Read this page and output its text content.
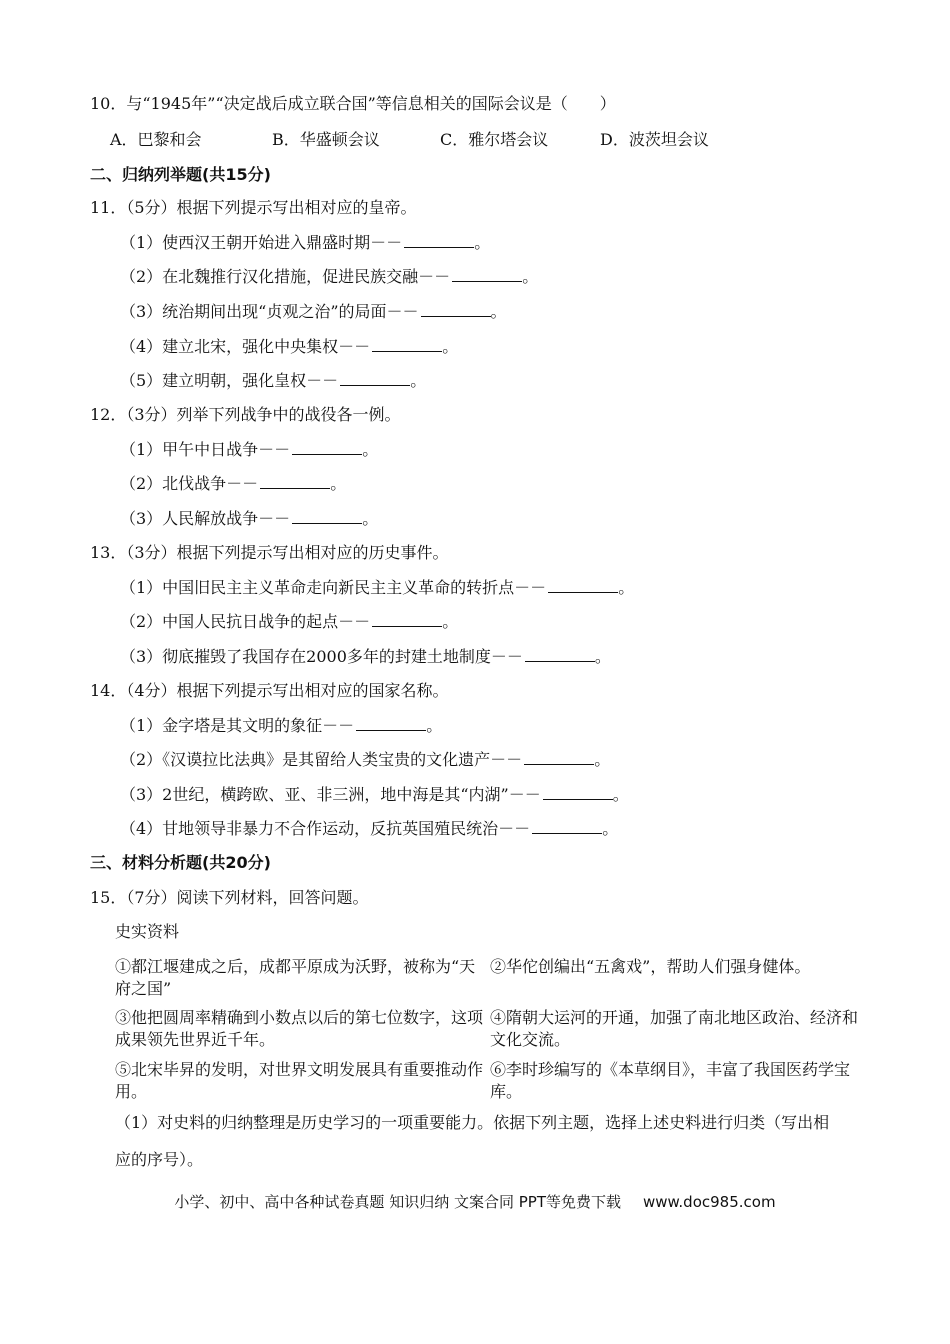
10．与“1945年”“决定战后成立联合国”等信息相关的国际会议是（　　）
A．巴黎和会	B．华盛顿会议	C．雅尔塔会议	D．波茨坦会议
二、归纳列举题(共15分)
11．（5分）根据下列提示写出相对应的皇帝。
（1）使西汉王朝开始进入鼎盛时期－－	。
（2）在北魏推行汉化措施，促进民族交融－－	。
（3）统治期间出现“贞观之治”的局面－－	。
（4）建立北宋，强化中央集权－－	。
（5）建立明朝，强化皇权－－	。
12．（3分）列举下列战争中的战役各一例。
（1）甲午中日战争－－	。
（2）北伐战争－－	。
（3）人民解放战争－－	。
13．（3分）根据下列提示写出相对应的历史事件。
（1）中国旧民主主义革命走向新民主主义革命的转折点－－	。
（2）中国人民抗日战争的起点－－	。
（3）彻底摧毁了我国存在2000多年的封建土地制度－－	。
14．（4分）根据下列提示写出相对应的国家名称。
（1）金字塔是其文明的象征－－	。
（2）《汉谟拉比法典》是其留给人类宝贵的文化遗产－－	。
（3）2世纪，横跨欧、亚、非三洲，地中海是其“内湖”－－	。
（4）甘地领导非暴力不合作运动，反抗英国殖民统治－－	。
三、材料分析题(共20分)
15．（7分）阅读下列材料，回答问题。
史实资料
①都江堰建成之后，成都平原成为沃野，被称为“天府之国”
②华佗创编出“五禽戏”，帮助人们强身健体。
③他把圆周率精确到小数点以后的第七位数字，这项成果领先世界近千年。
④隋朝大运河的开通，加强了南北地区政治、经济和文化交流。
⑤北宋毕昇的发明，对世界文明发展具有重要推动作用。
⑥李时珍编写的《本草纲目》，丰富了我国医药学宝库。
（1）对史料的归纳整理是历史学习的一项重要能力。依据下列主题，选择上述史料进行归类（写出相
应的序号）。
小学、初中、高中各种试卷真题 知识归纳 文案合同 PPT等免费下载 www.doc985.com
